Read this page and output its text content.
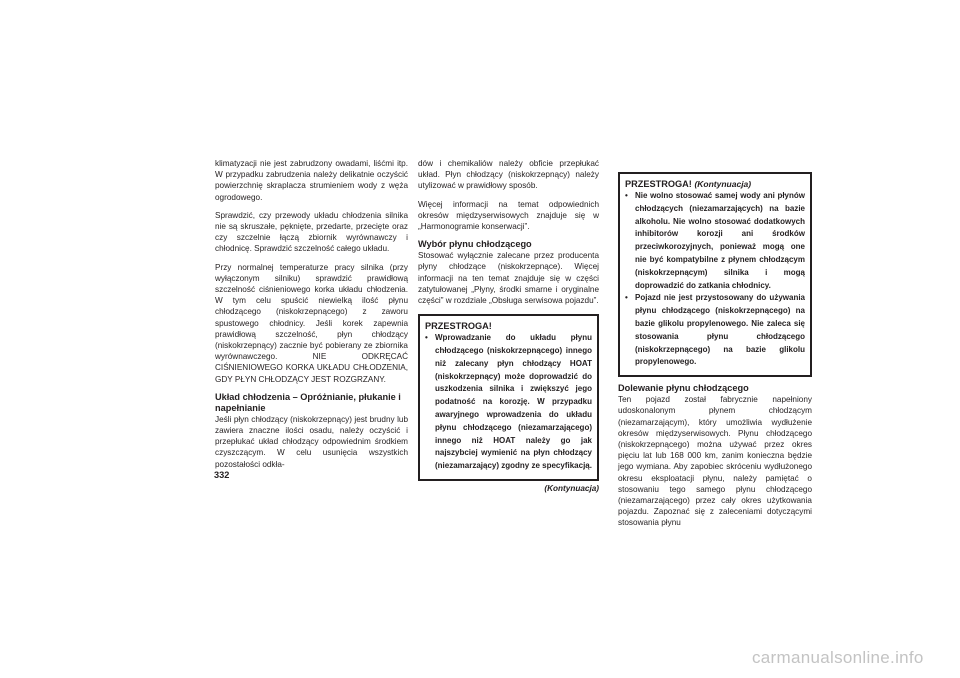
klimatyzacji nie jest zabrudzony owadami, liśćmi itp. W przypadku zabrudzenia należy delikatnie oczyścić powierzchnię skraplacza strumieniem wody z węża ogrodowego.

Sprawdzić, czy przewody układu chłodzenia silnika nie są skruszałe, pęknięte, przedarte, przecięte oraz czy szczelnie łączą zbiornik wyrównawczy i chłodnicę. Sprawdzić szczelność całego układu.

Przy normalnej temperaturze pracy silnika (przy wyłączonym silniku) sprawdzić prawidłową szczelność ciśnieniowego korka układu chłodzenia. W tym celu spuścić niewielką ilość płynu chłodzącego (niskokrzepnącego) z zaworu spustowego chłodnicy. Jeśli korek zapewnia prawidłową szczelność, płyn chłodzący (niskokrzepnący) zacznie być pobierany ze zbiornika wyrównawczego. NIE ODKRĘCAĆ CIŚNIENIOWEGO KORKA UKŁADU CHŁODZENIA, GDY PŁYN CHŁODZĄCY JEST ROZGRZANY.

Układ chłodzenia – Opróżnianie, płukanie i napełnianie

Jeśli płyn chłodzący (niskokrzepnący) jest brudny lub zawiera znaczne ilości osadu, należy oczyścić i przepłukać układ chłodzący odpowiednim środkiem czyszczącym. W celu usunięcia wszystkich pozostałości odkła-

dów i chemikaliów należy obficie przepłukać układ. Płyn chłodzący (niskokrzepnący) należy utylizować w prawidłowy sposób.

Więcej informacji na temat odpowiednich okresów międzyserwisowych znajduje się w „Harmonogramie konserwacji”.

Wybór płynu chłodzącego

Stosować wyłącznie zalecane przez producenta płyny chłodzące (niskokrzepnące). Więcej informacji na ten temat znajduje się w części zatytułowanej „Płyny, środki smarne i oryginalne części” w rozdziale „Obsługa serwisowa pojazdu”.

PRZESTROGA!
• Wprowadzanie do układu płynu chłodzącego (niskokrzepnącego) innego niż zalecany płyn chłodzący HOAT (niskokrzepnący) może doprowadzić do uszkodzenia silnika i zwiększyć jego podatność na korozję. W przypadku awaryjnego wprowadzenia do układu płynu chłodzącego (niezamarzającego) innego niż HOAT należy go jak najszybciej wymienić na płyn chłodzący (niezamarzający) zgodny ze specyfikacją.
(Kontynuacja)
PRZESTROGA! (Kontynuacja)
• Nie wolno stosować samej wody ani płynów chłodzących (niezamarzających) na bazie alkoholu. Nie wolno stosować dodatkowych inhibitorów korozji ani środków przeciwkorozyjnych, ponieważ mogą one nie być kompatybilne z płynem chłodzącym (niskokrzepnącym) silnika i mogą doprowadzić do zatkania chłodnicy.
• Pojazd nie jest przystosowany do używania płynu chłodzącego (niskokrzepnącego) na bazie glikolu propylenowego. Nie zaleca się stosowania płynu chłodzącego (niskokrzepnącego) na bazie glikolu propylenowego.
Dolewanie płynu chłodzącego

Ten pojazd został fabrycznie napełniony udoskonalonym płynem chłodzącym (niezamarzającym), który umożliwia wydłużenie okresów międzyserwisowych. Płynu chłodzącego (niskokrzepnącego) można używać przez okres pięciu lat lub 168 000 km, zanim konieczna będzie jego wymiana. Aby zapobiec skróceniu wydłużonego okresu eksploatacji płynu, należy pamiętać o stosowaniu tego samego płynu chłodzącego (niezamarzającego) przez cały okres użytkowania pojazdu. Zapoznać się z zaleceniami dotyczącymi stosowania płynu

332
carmanualsonline.info
